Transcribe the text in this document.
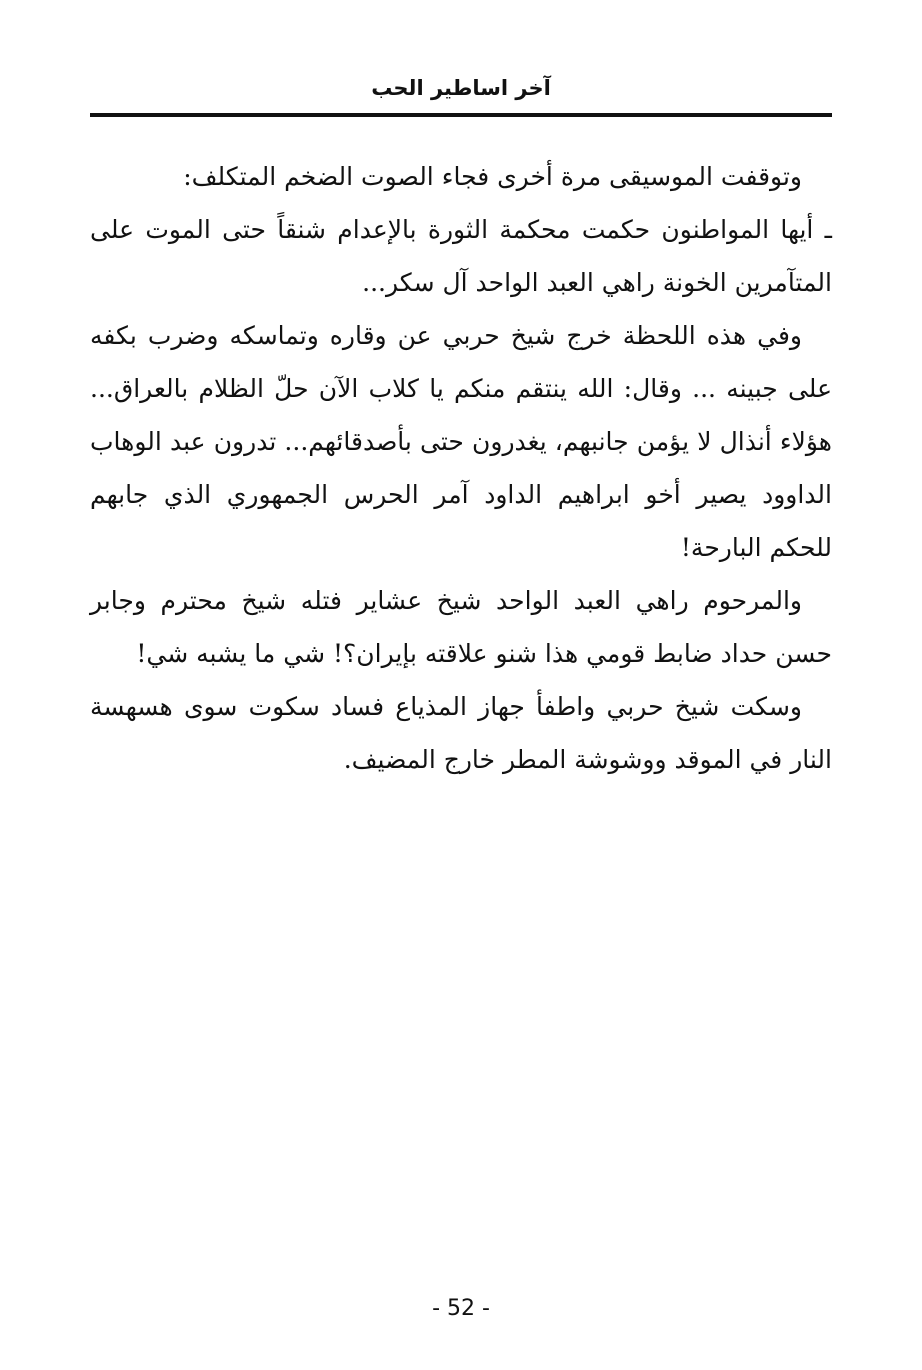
آخر اساطير الحب

وتوقفت الموسيقى مرة أخرى فجاء الصوت الضخم المتكلف:

ـ أيها المواطنون حكمت محكمة الثورة بالإعدام شنقاً حتى الموت على المتآمرين الخونة راهي العبد الواحد آل سكر...

وفي هذه اللحظة خرج شيخ حربي عن وقاره وتماسكه وضرب بكفه على جبينه ... وقال: الله ينتقم منكم يا كلاب الآن حلّ الظلام بالعراق... هؤلاء أنذال لا يؤمن جانبهم، يغدرون حتى بأصدقائهم... تدرون عبد الوهاب الداوود يصير أخو ابراهيم الداود آمر الحرس الجمهوري الذي جابهم للحكم البارحة!

والمرحوم راهي العبد الواحد شيخ عشاير فتله شيخ محترم وجابر حسن حداد ضابط قومي هذا شنو علاقته بإيران؟! شي ما يشبه شي!

وسكت شيخ حربي واطفأ جهاز المذياع فساد سكوت سوى هسهسة النار في الموقد ووشوشة المطر خارج المضيف.

- 52 -
